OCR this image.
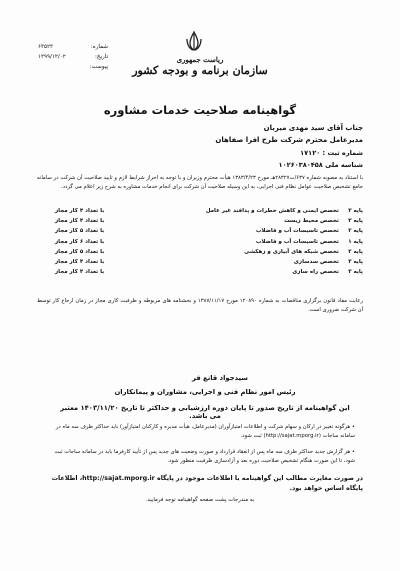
شماره:
۶۳۵۲۳
تاریخ:
۱۳۹۹/۱۲/۰۲
پیوست:
ریاست جمهوری
سازمان برنامه و بودجه کشور
گواهینامه صلاحیت خدمات مشاوره
جناب آقای سید مهدی میربان
مدیرعامل محترم شرکت طرح افرا صفاهان
شماره ثبت : ۱۷۱۲۰
شناسه ملی ۱۰۲۶۰۳۸۰۴۵۸
با استناد به مصوبه شماره ۶۳۷/ت۲۸۳۲۷هـ مورخ ۱۳۸۳/۴/۲۳ هیأت محترم وزیران و با توجه به احراز شرایط لازم و تایید صلاحیت آن شرکت در سامانه جامع تشخیص صلاحیت عوامل نظام فنی اجرایی، به این وسیله صلاحیت آن شرکت برای انجام خدمات مشاوره به شرح زیر اعلام می گردد.
پایه ۳
تخصص ایمنی و کاهش خطرات و پدافند غیر عامل
با تعداد ۴ کار مجاز
پایه ۳
تخصص محیط زیست
با تعداد ۴ کار مجاز
پایه ۲
تخصص تاسیسات آب و فاضلاب
با تعداد ۵ کار مجاز
پایه ۱
تخصص تاسیسات آب و فاضلاب
با تعداد ۶ کار مجاز
پایه ۲
تخصص شبکه های آبیاری و زهکشی
با تعداد ۵ کار مجاز
پایه ۳
تخصص سدسازی
با تعداد ۴ کار مجاز
پایه ۳
تخصص راه سازی
با تعداد ۴ کار مجاز
رعایت مفاد قانون برگزاری مناقصات به شماره ۱۲۰۸۹۰ مورخ ۱۳۸۷/۱۱/۱۷ و بخشنامه های مربوطه و ظرفیت کاری مجاز در زمان ارجاع کار توسط آن شرکت ضروری است.
سیدجواد قانع فر
رئیس امور نظام فنی و اجرایی، مشاوران و پیمانکاران
این گواهینامه از تاریخ صدور تا پایان دوره ارزشیابی و حداکثر تا تاریخ ۱۴۰۳/۱۱/۲۰ معتبر می باشد.
• هرگونه تغییر در ارکان و سهام شرکت و اطلاعات امتیازآوران (مدیرعامل، هیأت مدیره و کارکنان امتیازآور) باید حداکثر ظرف سه ماه در سامانه ساجات (http://sajat.mporg.ir) ثبت شود.
• هر گزارش جدید حداکثر ظرف سه ماه پس از انعقاد قرارداد و صورت وضعیت های جدید پس از تأیید کارفرما باید در سامانه ساجات ثبت شود، تا این صورت هنگام تشخیص صلاحیت دوره بعد و آزادسازی ظرفیت منظور شود.
در صورت مغایرت مطالب این گواهینامه با اطلاعات موجود در پایگاه http://sajat.mporg.ir، اطلاعات پایگاه اساس خواهد بود.
به مندرجات پشت صفحه گواهینامه توجه فرمایید.
